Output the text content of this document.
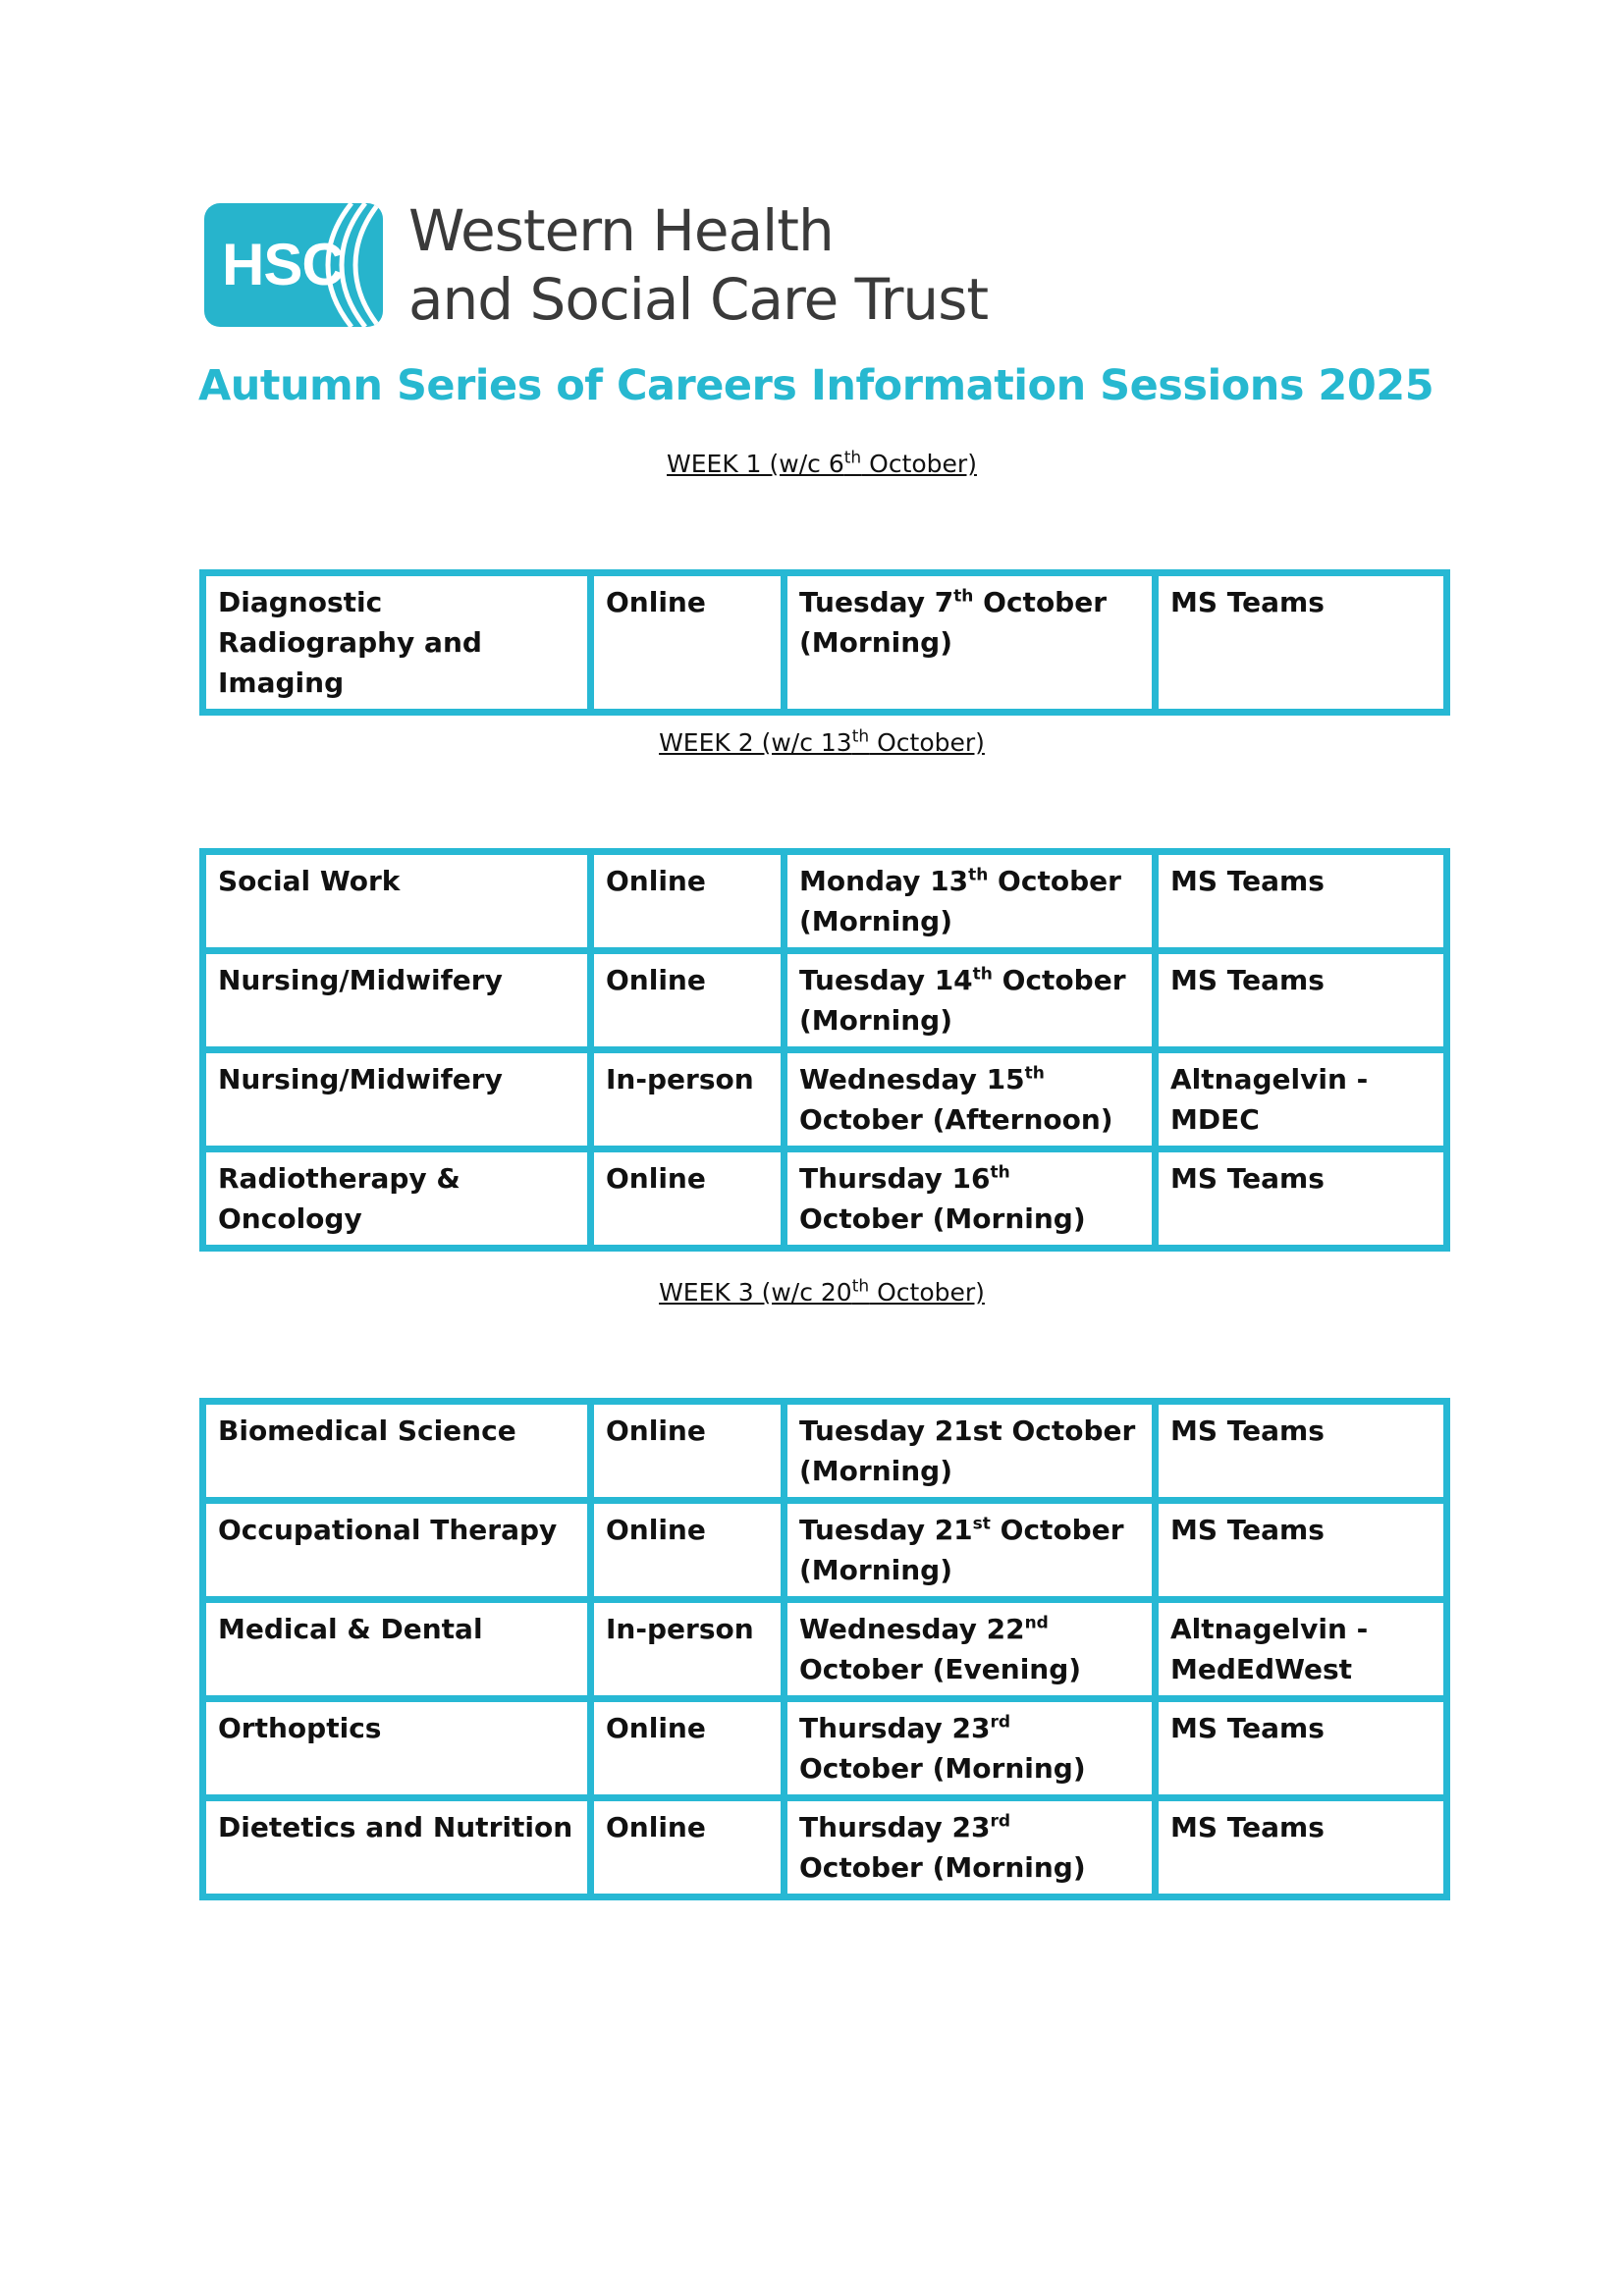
HSC
Western Health
and Social Care Trust
Autumn Series of Careers Information Sessions 2025
WEEK 1 (w/c 6th October)
Diagnostic Radiography and Imaging	Online	Tuesday 7th October (Morning)	MS Teams
WEEK 2 (w/c 13th October)
Social Work	Online	Monday 13th October (Morning)	MS Teams
Nursing/Midwifery	Online	Tuesday 14th October (Morning)	MS Teams
Nursing/Midwifery	In-person	Wednesday 15th October (Afternoon)	Altnagelvin - MDEC
Radiotherapy & Oncology	Online	Thursday 16th October (Morning)	MS Teams
WEEK 3 (w/c 20th October)
Biomedical Science	Online	Tuesday 21st October (Morning)	MS Teams
Occupational Therapy	Online	Tuesday 21st October (Morning)	MS Teams
Medical & Dental	In-person	Wednesday 22nd October (Evening)	Altnagelvin - MedEdWest
Orthoptics	Online	Thursday 23rd October (Morning)	MS Teams
Dietetics and Nutrition	Online	Thursday 23rd October (Morning)	MS Teams
